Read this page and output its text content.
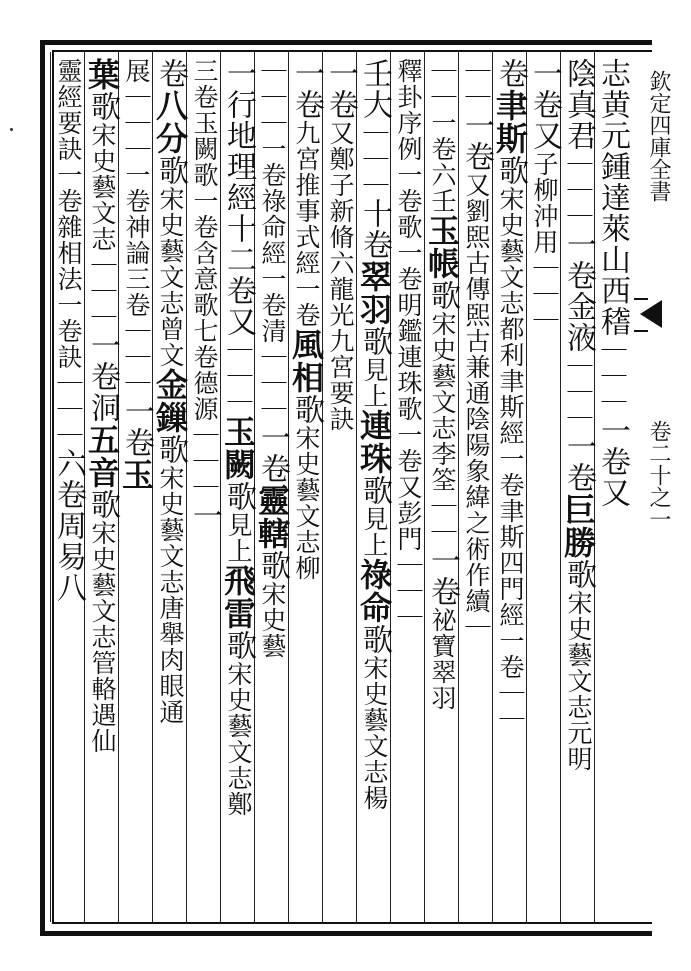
欽定四庫全書
卷二十之一
志黄元鍾達萊山西𥡴｜｜｜一卷又
陰真君｜｜｜一卷金液｜｜｜一卷巨勝歌宋史藝文志元明
一卷又子柳沖用｜｜｜
卷聿斯歌宋史藝文志都利聿斯經一卷聿斯四門經一卷｜｜
｜｜一卷又劉𤋮古傳𤋮古兼通陰陽象緯之術作續｜
｜｜一卷六壬玉帳歌宋史藝文志李筌｜｜一卷祕寶翠羽
釋卦序例一卷歌一卷明鑑連珠歌一卷又彭門｜｜｜
壬大｜｜｜十卷翠羽歌見上連珠歌見上祿命歌宋史藝文志楊
一卷又鄭子新脩六龍光九宮要訣
一卷九宮推事式經一卷風相歌宋史藝文志柳
｜｜｜一卷祿命經一卷清｜｜｜一卷靈轄歌宋史藝
一行地理經十二卷又｜｜｜玉闕歌見上飛雷歌宋史藝文志鄭
三卷玉闕歌一卷含意歌七卷德源｜｜｜一
卷八分歌宋史藝文志曾文金鏁歌宋史藝文志唐舉肉眼通
展｜｜｜一卷神論三卷｜｜｜一卷玉
葉歌宋史藝文志｜｜｜一卷洞五音歌宋史藝文志管輅遇仙
靈經要訣一卷雜相法一卷訣｜｜｜六卷周易八
